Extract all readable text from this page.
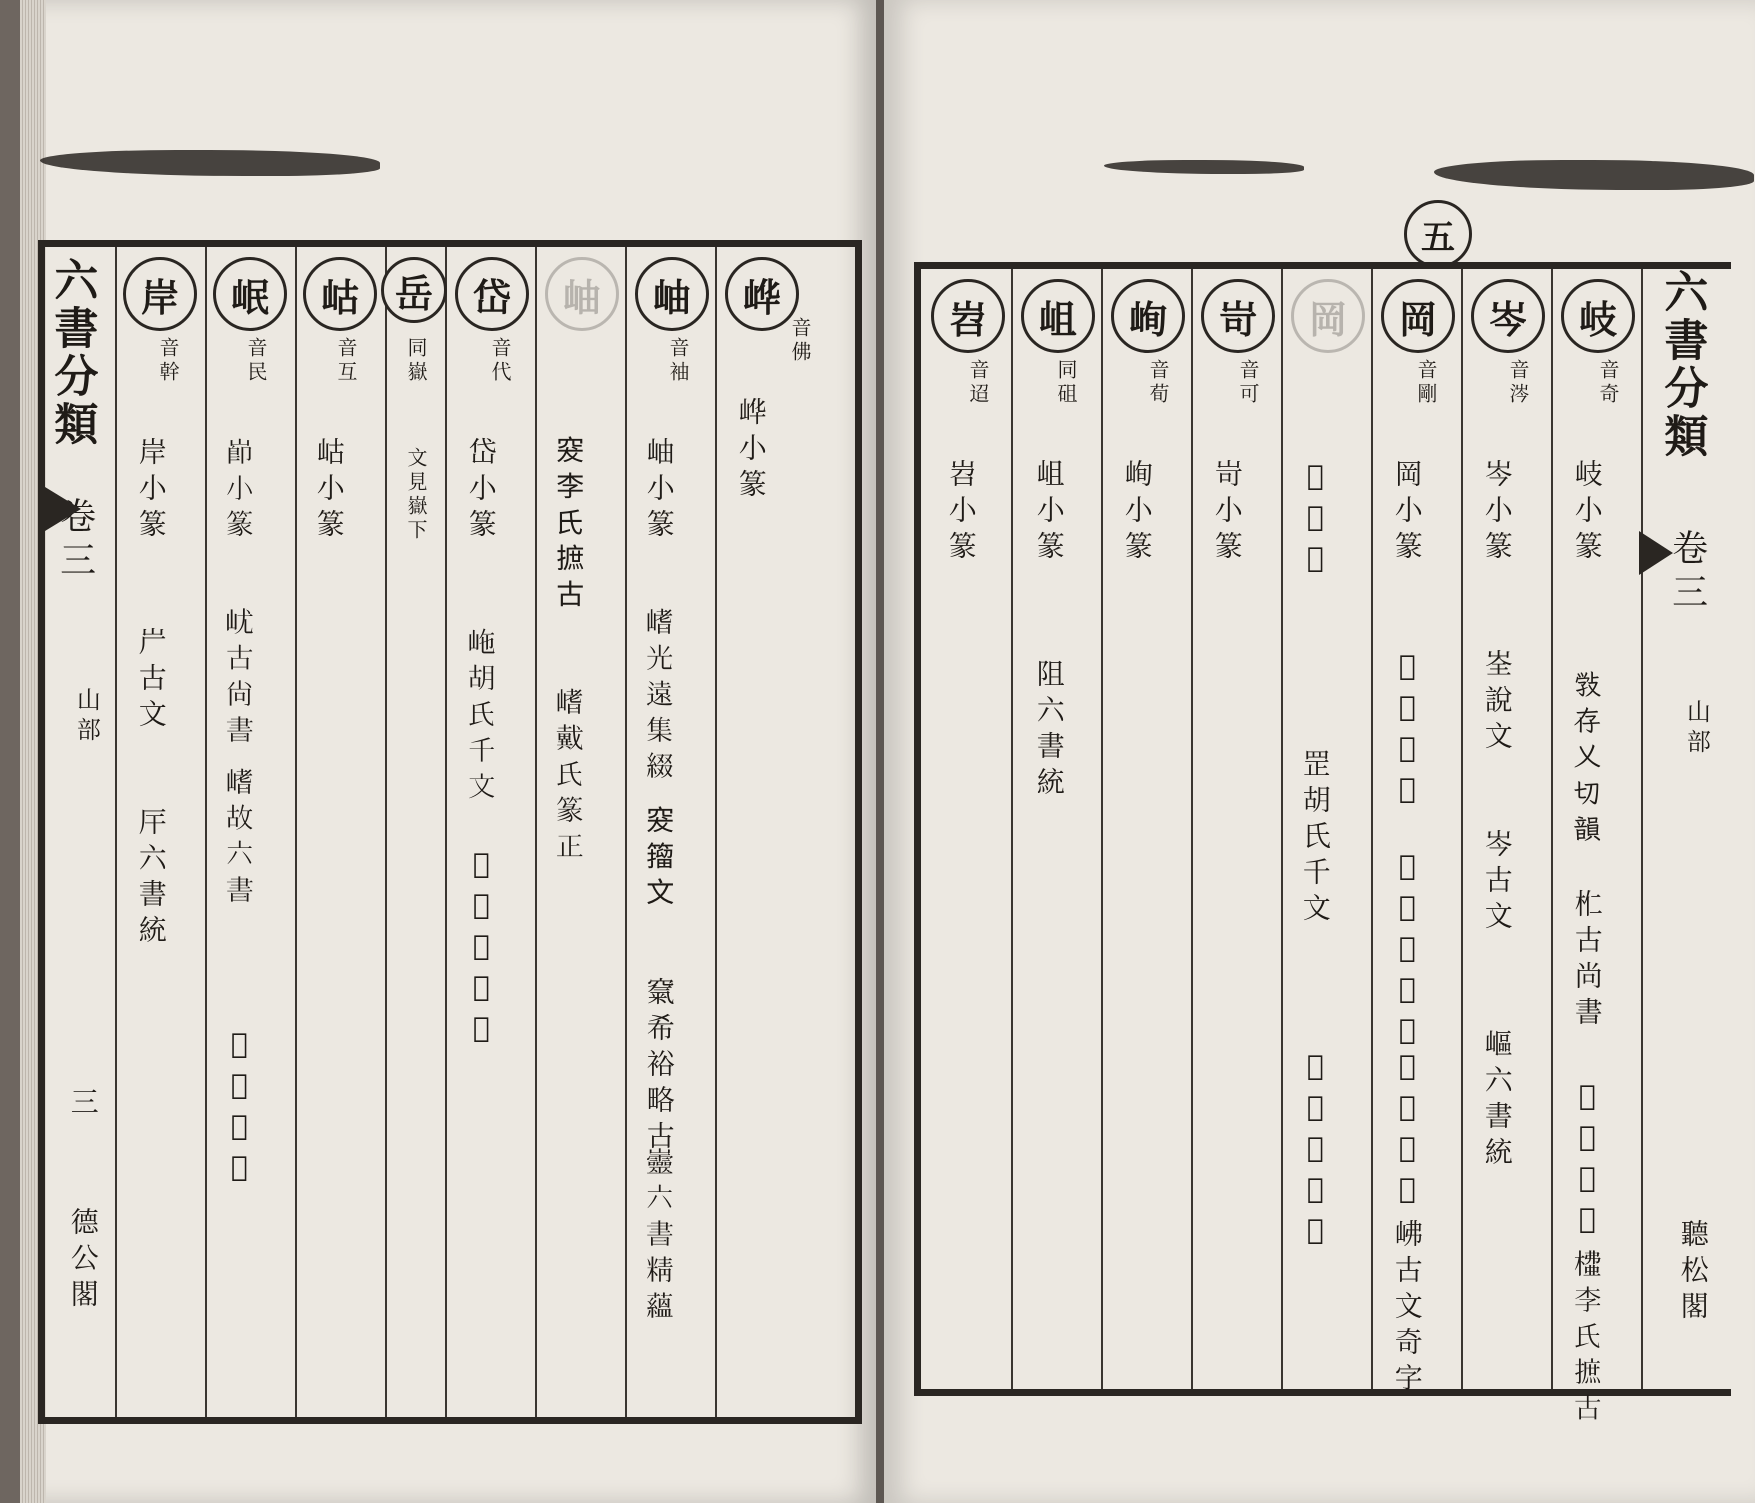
六書分類
卷三
山部
三
德公閣
岸
音幹
岸小篆
屵古文
厈六書統
岷
音民
𡸎小篆
𡵔古尚書
𡺸故六書
𡻖六書統
岵
音互
岵小篆
岳
同嶽
文見嶽下
岱
音代
岱小篆
𡶊胡氏千文
𡵽六書精蘊
岫
𥥛李氏摭古
𡺸戴氏篆正
岫
音袖
岫小篆
𡺸光遠集綴
𥥛籀文
𥧔希裕略古
𡿡六書精蘊
㟆
音佛
㟆小篆
五
岧
音迢
岧小篆
岨
同砠
岨小篆
阻六書統
峋
音荀
峋小篆
岢
音可
岢小篆
岡
𡵍古文
罡胡氏千文
𡶀戴氏篆正
岡
音剛
岡小篆
𡵨華嶽碑
𡶓比干墓銘
𡸋義雲章
𡶒古文奇字
岑
音涔
岑小篆
峑說文
岑古文
嶇六書統
岐
音奇
岐小篆
𢽾存乂切韻
𣏴古尚書
𢼭古漢書
𣙶李氏摭古
六書分類
卷三
山部
聽松閣
